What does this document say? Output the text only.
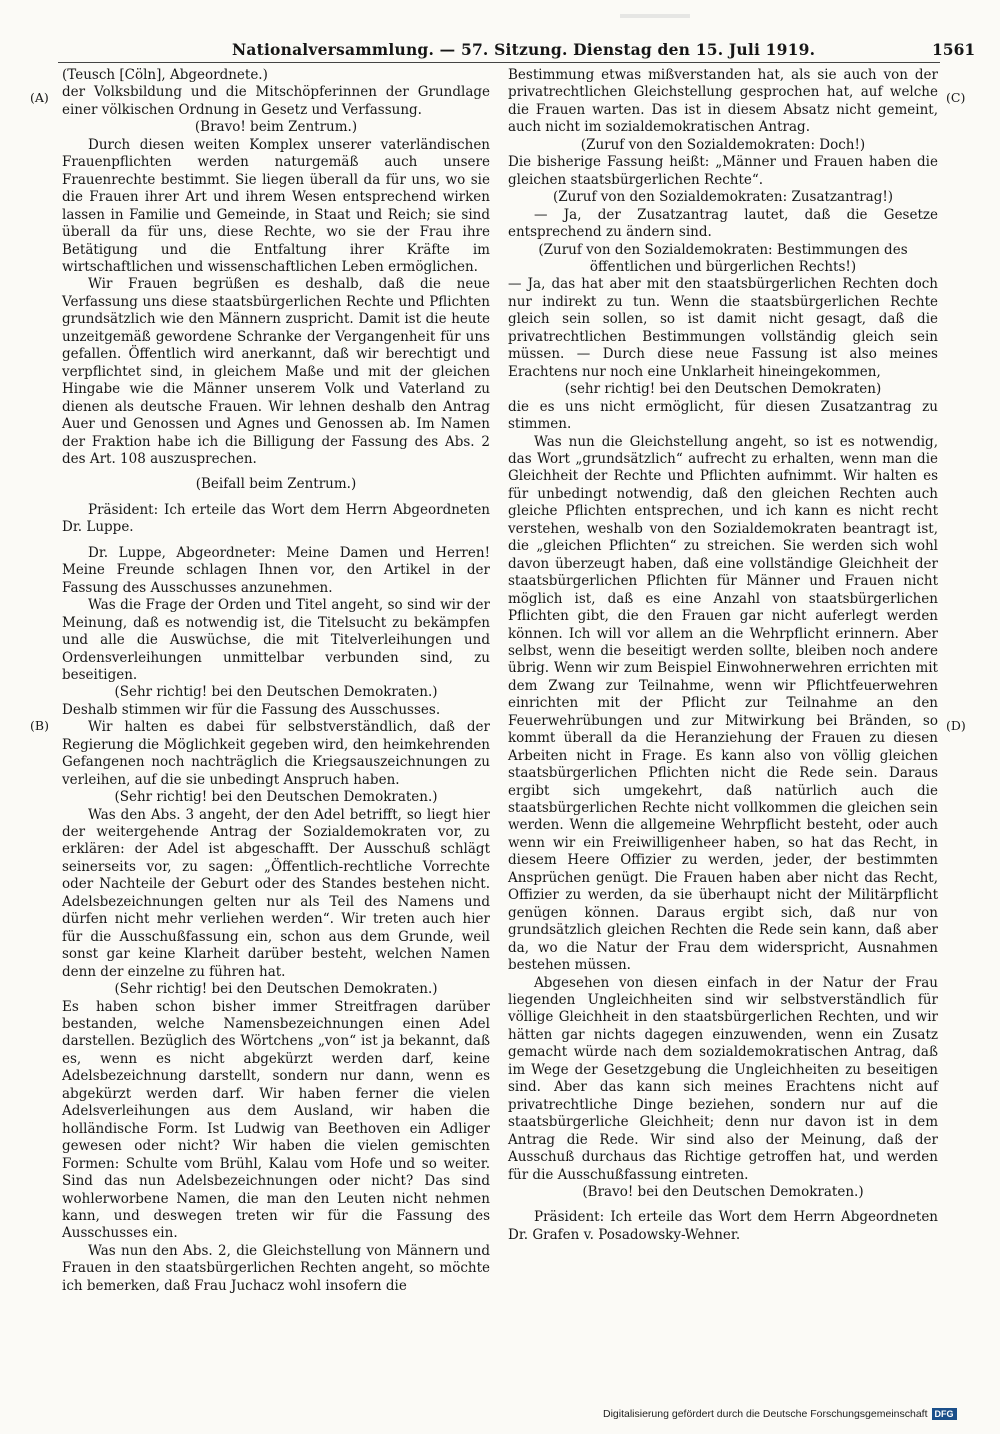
Nationalversammlung. — 57. Sitzung. Dienstag den 15. Juli 1919.	1561
(A)
(B)
(C)
(D)

(Teusch [Cöln], Abgeordnete.)

der Volksbildung und die Mitschöpferinnen der Grundlage einer völkischen Ordnung in Gesetz und Verfassung.

(Bravo! beim Zentrum.)

Durch diesen weiten Komplex unserer vaterländischen Frauenpflichten werden naturgemäß auch unsere Frauenrechte bestimmt. Sie liegen überall da für uns, wo sie die Frauen ihrer Art und ihrem Wesen entsprechend wirken lassen in Familie und Gemeinde, in Staat und Reich; sie sind überall da für uns, diese Rechte, wo sie der Frau ihre Betätigung und die Entfaltung ihrer Kräfte im wirtschaftlichen und wissenschaftlichen Leben ermöglichen.

Wir Frauen begrüßen es deshalb, daß die neue Verfassung uns diese staatsbürgerlichen Rechte und Pflichten grundsätzlich wie den Männern zuspricht. Damit ist die heute unzeitgemäß gewordene Schranke der Vergangenheit für uns gefallen. Öffentlich wird anerkannt, daß wir berechtigt und verpflichtet sind, in gleichem Maße und mit der gleichen Hingabe wie die Männer unserem Volk und Vaterland zu dienen als deutsche Frauen. Wir lehnen deshalb den Antrag Auer und Genossen und Agnes und Genossen ab. Im Namen der Fraktion habe ich die Billigung der Fassung des Abs. 2 des Art. 108 auszusprechen.

(Beifall beim Zentrum.)

Präsident: Ich erteile das Wort dem Herrn Abgeordneten Dr. Luppe.

Dr. Luppe, Abgeordneter: Meine Damen und Herren! Meine Freunde schlagen Ihnen vor, den Artikel in der Fassung des Ausschusses anzunehmen.

Was die Frage der Orden und Titel angeht, so sind wir der Meinung, daß es notwendig ist, die Titelsucht zu bekämpfen und alle die Auswüchse, die mit Titelverleihungen und Ordensverleihungen unmittelbar verbunden sind, zu beseitigen.

(Sehr richtig! bei den Deutschen Demokraten.)

Deshalb stimmen wir für die Fassung des Ausschusses.

Wir halten es dabei für selbstverständlich, daß der Regierung die Möglichkeit gegeben wird, den heimkehrenden Gefangenen noch nachträglich die Kriegsauszeichnungen zu verleihen, auf die sie unbedingt Anspruch haben.

(Sehr richtig! bei den Deutschen Demokraten.)

Was den Abs. 3 angeht, der den Adel betrifft, so liegt hier der weitergehende Antrag der Sozialdemokraten vor, zu erklären: der Adel ist abgeschafft. Der Ausschuß schlägt seinerseits vor, zu sagen: „Öffentlich-rechtliche Vorrechte oder Nachteile der Geburt oder des Standes bestehen nicht. Adelsbezeichnungen gelten nur als Teil des Namens und dürfen nicht mehr verliehen werden“. Wir treten auch hier für die Ausschußfassung ein, schon aus dem Grunde, weil sonst gar keine Klarheit darüber besteht, welchen Namen denn der einzelne zu führen hat.

(Sehr richtig! bei den Deutschen Demokraten.)

Es haben schon bisher immer Streitfragen darüber bestanden, welche Namensbezeichnungen einen Adel darstellen. Bezüglich des Wörtchens „von“ ist ja bekannt, daß es, wenn es nicht abgekürzt werden darf, keine Adelsbezeichnung darstellt, sondern nur dann, wenn es abgekürzt werden darf. Wir haben ferner die vielen Adelsverleihungen aus dem Ausland, wir haben die holländische Form. Ist Ludwig van Beethoven ein Adliger gewesen oder nicht? Wir haben die vielen gemischten Formen: Schulte vom Brühl, Kalau vom Hofe und so weiter. Sind das nun Adelsbezeichnungen oder nicht? Das sind wohlerworbene Namen, die man den Leuten nicht nehmen kann, und deswegen treten wir für die Fassung des Ausschusses ein.

Was nun den Abs. 2, die Gleichstellung von Männern und Frauen in den staatsbürgerlichen Rechten angeht, so möchte ich bemerken, daß Frau Juchacz wohl insofern die

Bestimmung etwas mißverstanden hat, als sie auch von der privatrechtlichen Gleichstellung gesprochen hat, auf welche die Frauen warten. Das ist in diesem Absatz nicht gemeint, auch nicht im sozialdemokratischen Antrag.

(Zuruf von den Sozialdemokraten: Doch!)

Die bisherige Fassung heißt: „Männer und Frauen haben die gleichen staatsbürgerlichen Rechte“.

(Zuruf von den Sozialdemokraten: Zusatzantrag!)

— Ja, der Zusatzantrag lautet, daß die Gesetze entsprechend zu ändern sind.

(Zuruf von den Sozialdemokraten: Bestimmungen des öffentlichen und bürgerlichen Rechts!)

— Ja, das hat aber mit den staatsbürgerlichen Rechten doch nur indirekt zu tun. Wenn die staatsbürgerlichen Rechte gleich sein sollen, so ist damit nicht gesagt, daß die privatrechtlichen Bestimmungen vollständig gleich sein müssen. — Durch diese neue Fassung ist also meines Erachtens nur noch eine Unklarheit hineingekommen,

(sehr richtig! bei den Deutschen Demokraten)

die es uns nicht ermöglicht, für diesen Zusatzantrag zu stimmen.

Was nun die Gleichstellung angeht, so ist es notwendig, das Wort „grundsätzlich“ aufrecht zu erhalten, wenn man die Gleichheit der Rechte und Pflichten aufnimmt. Wir halten es für unbedingt notwendig, daß den gleichen Rechten auch gleiche Pflichten entsprechen, und ich kann es nicht recht verstehen, weshalb von den Sozialdemokraten beantragt ist, die „gleichen Pflichten“ zu streichen. Sie werden sich wohl davon überzeugt haben, daß eine vollständige Gleichheit der staatsbürgerlichen Pflichten für Männer und Frauen nicht möglich ist, daß es eine Anzahl von staatsbürgerlichen Pflichten gibt, die den Frauen gar nicht auferlegt werden können. Ich will vor allem an die Wehrpflicht erinnern. Aber selbst, wenn die beseitigt werden sollte, bleiben noch andere übrig. Wenn wir zum Beispiel Einwohnerwehren errichten mit dem Zwang zur Teilnahme, wenn wir Pflichtfeuerwehren einrichten mit der Pflicht zur Teilnahme an den Feuerwehrübungen und zur Mitwirkung bei Bränden, so kommt überall da die Heranziehung der Frauen zu diesen Arbeiten nicht in Frage. Es kann also von völlig gleichen staatsbürgerlichen Pflichten nicht die Rede sein. Daraus ergibt sich umgekehrt, daß natürlich auch die staatsbürgerlichen Rechte nicht vollkommen die gleichen sein werden. Wenn die allgemeine Wehrpflicht besteht, oder auch wenn wir ein Freiwilligenheer haben, so hat das Recht, in diesem Heere Offizier zu werden, jeder, der bestimmten Ansprüchen genügt. Die Frauen haben aber nicht das Recht, Offizier zu werden, da sie überhaupt nicht der Militärpflicht genügen können. Daraus ergibt sich, daß nur von grundsätzlich gleichen Rechten die Rede sein kann, daß aber da, wo die Natur der Frau dem widerspricht, Ausnahmen bestehen müssen.

Abgesehen von diesen einfach in der Natur der Frau liegenden Ungleichheiten sind wir selbstverständlich für völlige Gleichheit in den staatsbürgerlichen Rechten, und wir hätten gar nichts dagegen einzuwenden, wenn ein Zusatz gemacht würde nach dem sozialdemokratischen Antrag, daß im Wege der Gesetzgebung die Ungleichheiten zu beseitigen sind. Aber das kann sich meines Erachtens nicht auf privatrechtliche Dinge beziehen, sondern nur auf die staatsbürgerliche Gleichheit; denn nur davon ist in dem Antrag die Rede. Wir sind also der Meinung, daß der Ausschuß durchaus das Richtige getroffen hat, und werden für die Ausschußfassung eintreten.

(Bravo! bei den Deutschen Demokraten.)

Präsident: Ich erteile das Wort dem Herrn Abgeordneten Dr. Grafen v. Posadowsky-Wehner.

Digitalisierung gefördert durch die Deutsche Forschungsgemeinschaft DFG
